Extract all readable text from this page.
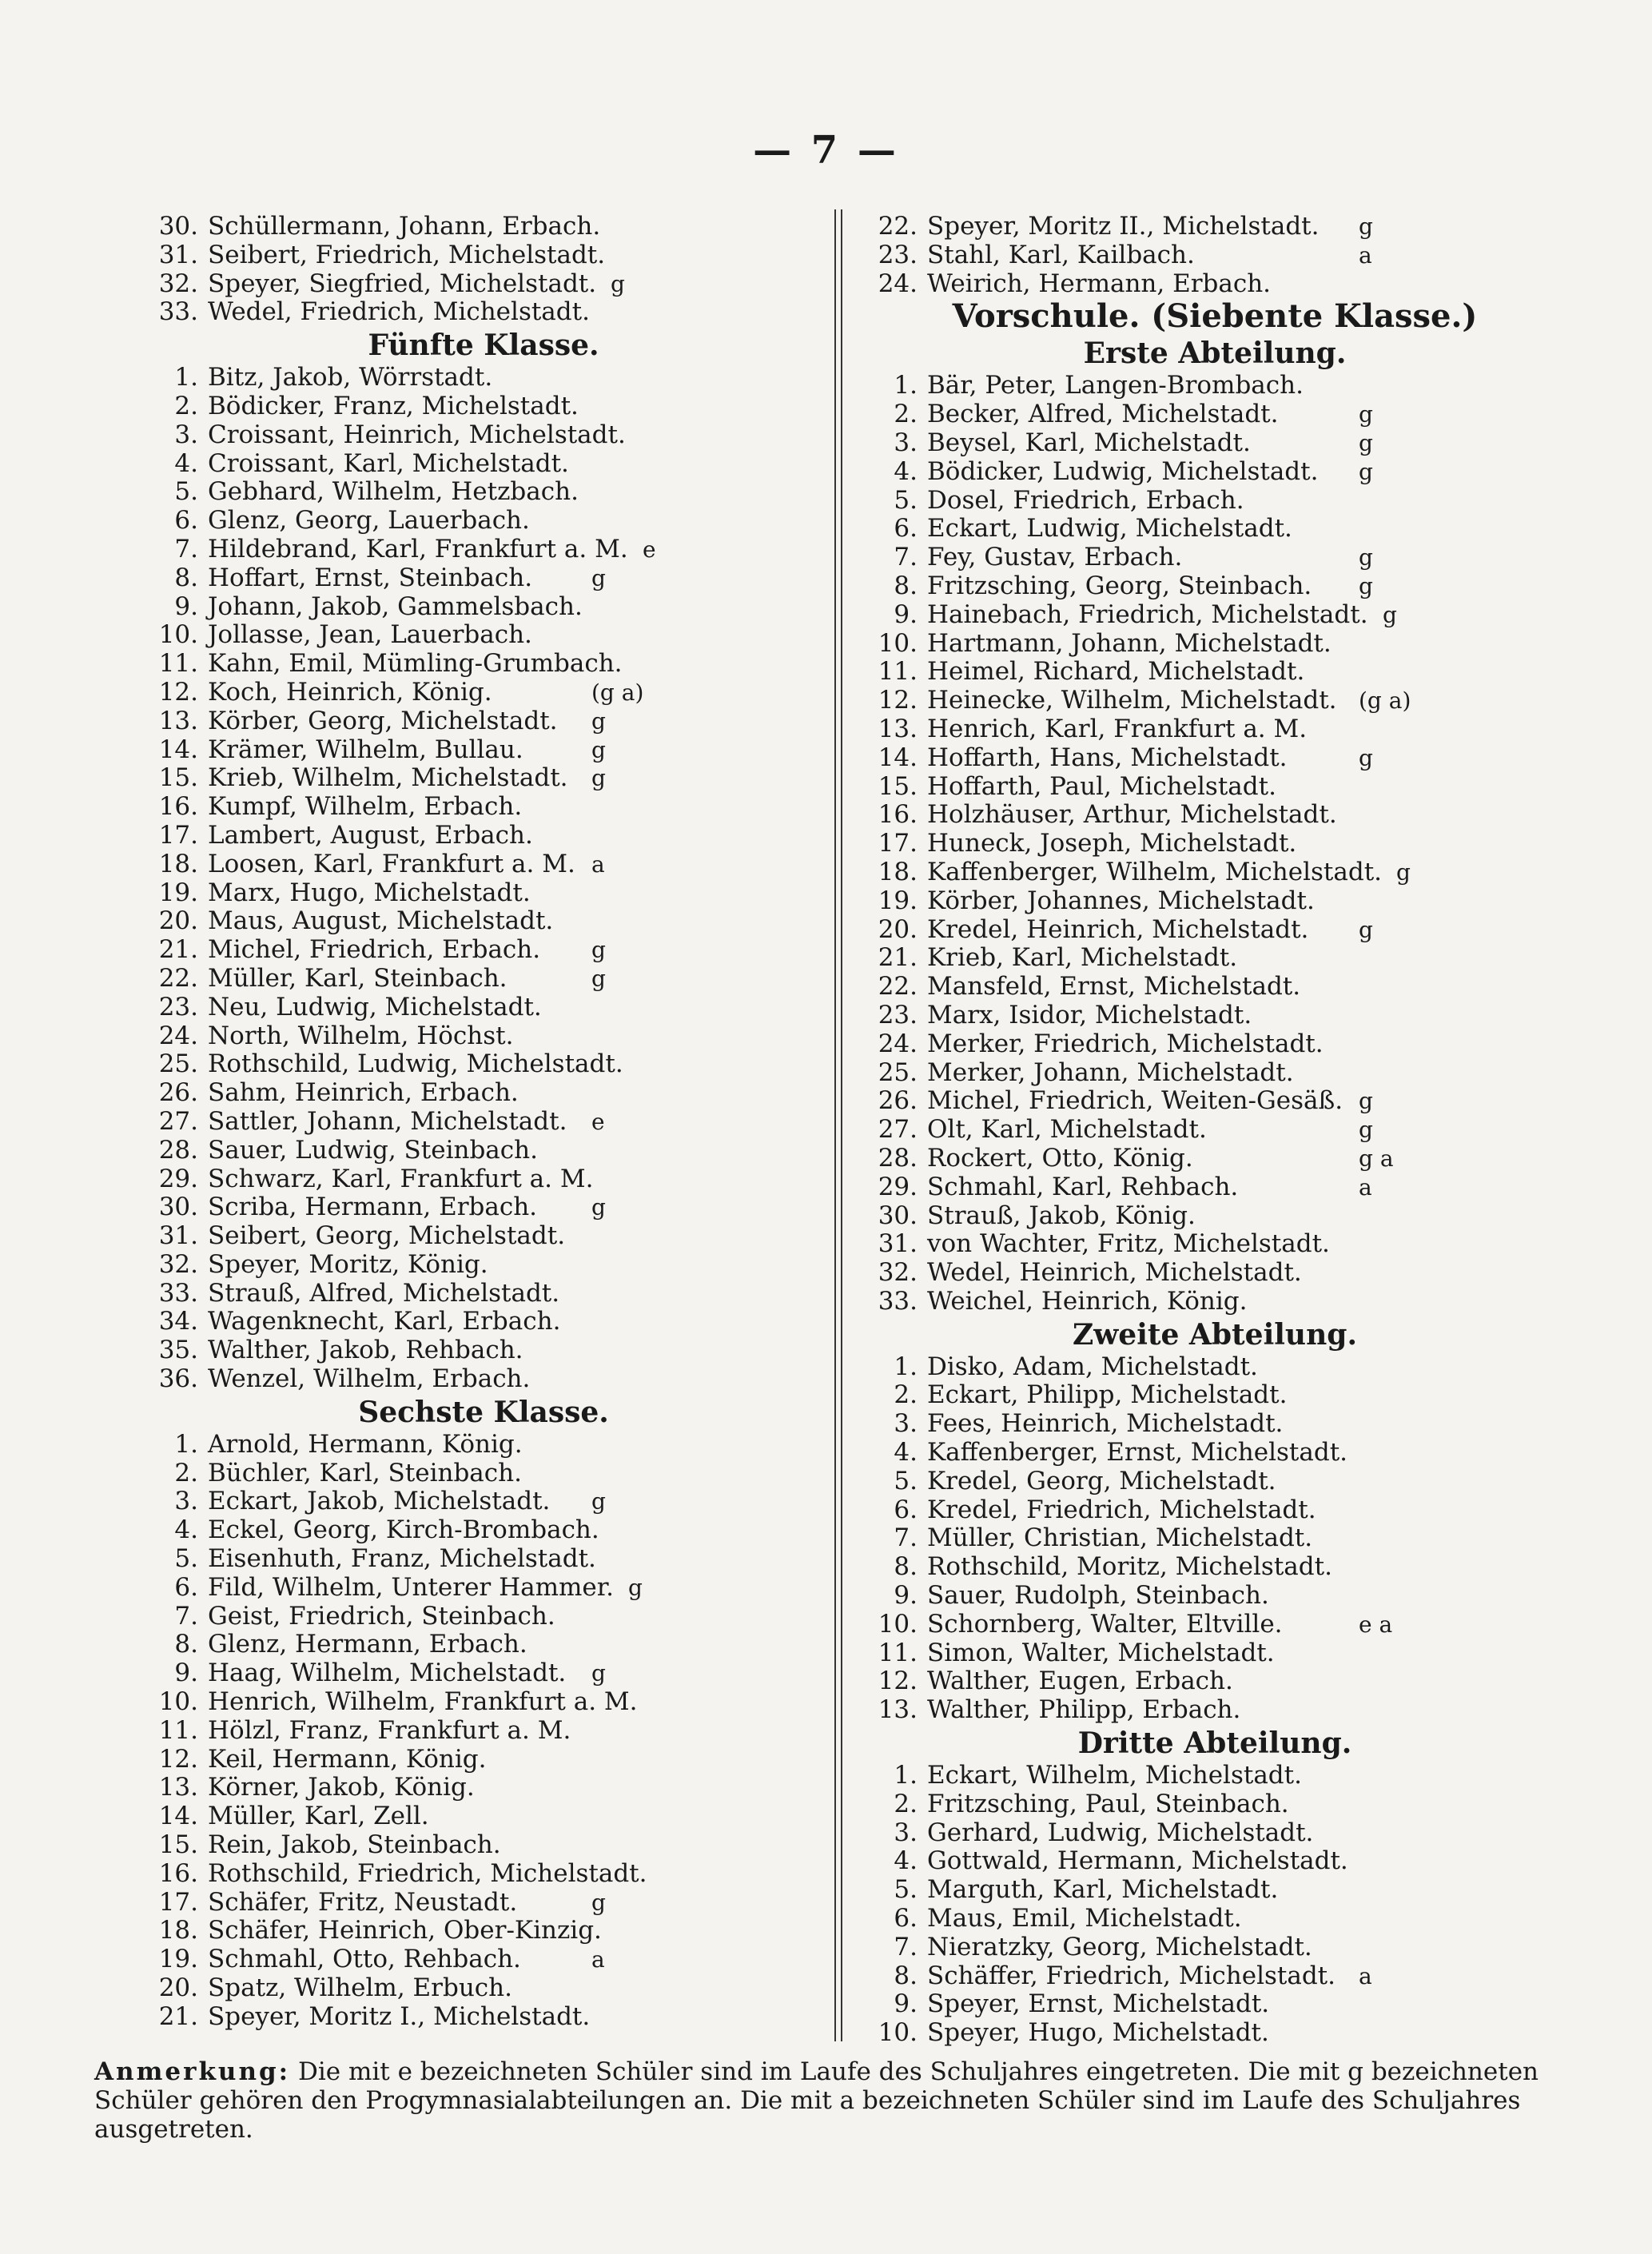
— 7 —
30. Schüllermann, Johann, Erbach.
31. Seibert, Friedrich, Michelstadt.
32. Speyer, Siegfried, Michelstadt. g
33. Wedel, Friedrich, Michelstadt.
Fünfte Klasse.
1. Bitz, Jakob, Wörrstadt.
2. Bödicker, Franz, Michelstadt.
3. Croissant, Heinrich, Michelstadt.
4. Croissant, Karl, Michelstadt.
5. Gebhard, Wilhelm, Hetzbach.
6. Glenz, Georg, Lauerbach.
7. Hildebrand, Karl, Frankfurt a. M. e
8. Hoffart, Ernst, Steinbach.	g
9. Johann, Jakob, Gammelsbach.
10. Jollasse, Jean, Lauerbach.
11. Kahn, Emil, Mümling-Grumbach.
12. Koch, Heinrich, König.	(g a)
13. Körber, Georg, Michelstadt. g
14. Krämer, Wilhelm, Bullau.	g
15. Krieb, Wilhelm, Michelstadt. g
16. Kumpf, Wilhelm, Erbach.
17. Lambert, August, Erbach.
18. Loosen, Karl, Frankfurt a. M. a
19. Marx, Hugo, Michelstadt.
20. Maus, August, Michelstadt.
21. Michel, Friedrich, Erbach. g
22. Müller, Karl, Steinbach.	g
23. Neu, Ludwig, Michelstadt.
24. North, Wilhelm, Höchst.
25. Rothschild, Ludwig, Michelstadt.
26. Sahm, Heinrich, Erbach.
27. Sattler, Johann, Michelstadt. e
28. Sauer, Ludwig, Steinbach.
29. Schwarz, Karl, Frankfurt a. M.
30. Scriba, Hermann, Erbach. g
31. Seibert, Georg, Michelstadt.
32. Speyer, Moritz, König.
33. Strauß, Alfred, Michelstadt.
34. Wagenknecht, Karl, Erbach.
35. Walther, Jakob, Rehbach.
36. Wenzel, Wilhelm, Erbach.
Sechste Klasse.
1. Arnold, Hermann, König.
2. Büchler, Karl, Steinbach.
3. Eckart, Jakob, Michelstadt. g
4. Eckel, Georg, Kirch-Brombach.
5. Eisenhuth, Franz, Michelstadt.
6. Fild, Wilhelm, Unterer Hammer. g
7. Geist, Friedrich, Steinbach.
8. Glenz, Hermann, Erbach.
9. Haag, Wilhelm, Michelstadt. g
10. Henrich, Wilhelm, Frankfurt a. M.
11. Hölzl, Franz, Frankfurt a. M.
12. Keil, Hermann, König.
13. Körner, Jakob, König.
14. Müller, Karl, Zell.
15. Rein, Jakob, Steinbach.
16. Rothschild, Friedrich, Michelstadt.
17. Schäfer, Fritz, Neustadt.	g
18. Schäfer, Heinrich, Ober-Kinzig.
19. Schmahl, Otto, Rehbach.	a
20. Spatz, Wilhelm, Erbuch.
21. Speyer, Moritz I., Michelstadt.
22. Speyer, Moritz II., Michelstadt. g
23. Stahl, Karl, Kailbach.	a
24. Weirich, Hermann, Erbach.
Vorschule. (Siebente Klasse.)
Erste Abteilung.
1. Bär, Peter, Langen-Brombach.
2. Becker, Alfred, Michelstadt.	g
3. Beysel, Karl, Michelstadt.	g
4. Bödicker, Ludwig, Michelstadt. g
5. Dosel, Friedrich, Erbach.
6. Eckart, Ludwig, Michelstadt.
7. Fey, Gustav, Erbach.	g
8. Fritzsching, Georg, Steinbach. g
9. Hainebach, Friedrich, Michelstadt. g
10. Hartmann, Johann, Michelstadt.
11. Heimel, Richard, Michelstadt.
12. Heinecke, Wilhelm, Michelstadt. (g a)
13. Henrich, Karl, Frankfurt a. M.
14. Hoffarth, Hans, Michelstadt.	g
15. Hoffarth, Paul, Michelstadt.
16. Holzhäuser, Arthur, Michelstadt.
17. Huneck, Joseph, Michelstadt.
18. Kaffenberger, Wilhelm, Michelstadt. g
19. Körber, Johannes, Michelstadt.
20. Kredel, Heinrich, Michelstadt. g
21. Krieb, Karl, Michelstadt.
22. Mansfeld, Ernst, Michelstadt.
23. Marx, Isidor, Michelstadt.
24. Merker, Friedrich, Michelstadt.
25. Merker, Johann, Michelstadt.
26. Michel, Friedrich, Weiten-Gesäß. g
27. Olt, Karl, Michelstadt.	g
28. Rockert, Otto, König.	g a
29. Schmahl, Karl, Rehbach.	a
30. Strauß, Jakob, König.
31. von Wachter, Fritz, Michelstadt.
32. Wedel, Heinrich, Michelstadt.
33. Weichel, Heinrich, König.
Zweite Abteilung.
1. Disko, Adam, Michelstadt.
2. Eckart, Philipp, Michelstadt.
3. Fees, Heinrich, Michelstadt.
4. Kaffenberger, Ernst, Michelstadt.
5. Kredel, Georg, Michelstadt.
6. Kredel, Friedrich, Michelstadt.
7. Müller, Christian, Michelstadt.
8. Rothschild, Moritz, Michelstadt.
9. Sauer, Rudolph, Steinbach.
10. Schornberg, Walter, Eltville.	e a
11. Simon, Walter, Michelstadt.
12. Walther, Eugen, Erbach.
13. Walther, Philipp, Erbach.
Dritte Abteilung.
1. Eckart, Wilhelm, Michelstadt.
2. Fritzsching, Paul, Steinbach.
3. Gerhard, Ludwig, Michelstadt.
4. Gottwald, Hermann, Michelstadt.
5. Marguth, Karl, Michelstadt.
6. Maus, Emil, Michelstadt.
7. Nieratzky, Georg, Michelstadt.
8. Schäffer, Friedrich, Michelstadt. a
9. Speyer, Ernst, Michelstadt.
10. Speyer, Hugo, Michelstadt.
Anmerkung: Die mit e bezeichneten Schüler sind im Laufe des Schuljahres eingetreten. Die mit g bezeichneten Schüler gehören den Progymnasialabteilungen an. Die mit a bezeichneten Schüler sind im Laufe des Schuljahres ausgetreten.
